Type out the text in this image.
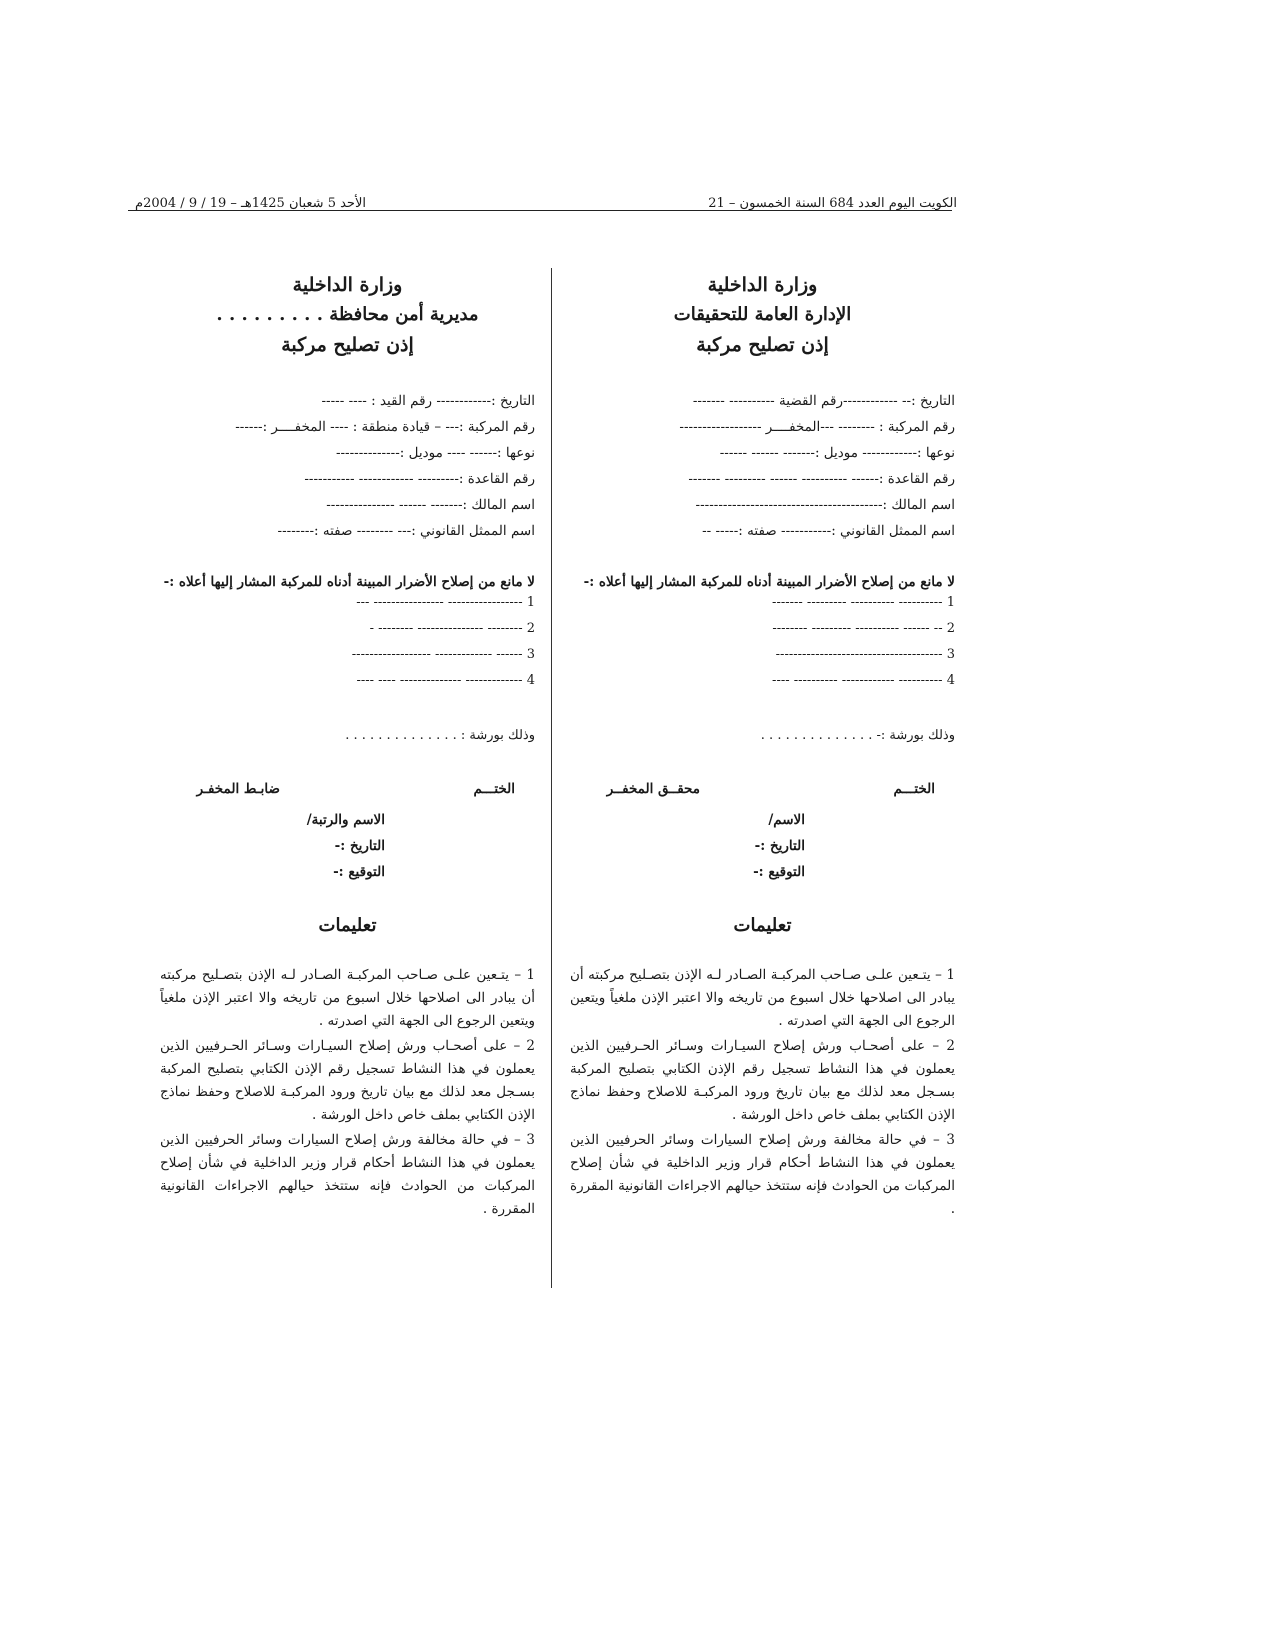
الكويت اليوم العدد 684 السنة الخمسون – 21
الأحد 5 شعبان 1425هـ – 19 / 9 / 2004م
وزارة الداخلية
الإدارة العامة للتحقيقات
إذن تصليح مركبة
التاريخ :-- ------------رقم القضية ---------- -------
رقم المركبة : -------- ---المخفــــر ------------------
نوعها :------------ موديل :------- ------ ------
رقم القاعدة :------ ---------- ------ --------- -------
اسم المالك :-----------------------------------------
اسم الممثل القانوني :----------- صفته :----- --
لا مانع من إصلاح الأضرار المبينة أدناه للمركبة المشار إليها أعلاه :-
1 ---------- ---------- --------- -------
2 -- ------ ---------- --------- --------
3 --------------------------------------
4 ---------- ------------ ---------- ----
وذلك بورشة :- . . . . . . . . . . . . . .
الختـــم
محقــق المخفــر
الاسم/
التاريخ :-
التوقيع :-
تعليمات

1 – يتـعين علـى صـاحب المركبـة الصـادر لـه الإذن بتصـليح مركبته أن يبادر الى اصلاحها خلال اسبوع من تاريخه والا اعتبر الإذن ملغياً ويتعين الرجوع الى الجهة التي اصدرته .

2 – على أصحـاب ورش إصلاح السيـارات وسـائر الحـرفيين الذين يعملون في هذا النشاط تسجيل رقم الإذن الكتابي بتصليح المركبة بسـجل معد لذلك مع بيان تاريخ ورود المركبـة للاصلاح وحفظ نماذج الإذن الكتابي بملف خاص داخل الورشة .

3 – في حالة مخالفة ورش إصلاح السيارات وسائر الحرفيين الذين يعملون في هذا النشاط أحكام قرار وزير الداخلية في شأن إصلاح المركبات من الحوادث فإنه ستتخذ حيالهم الاجراءات القانونية المقررة .

وزارة الداخلية
مديرية أمن محافظة . . . . . . . . .
إذن تصليح مركبة
التاريخ :------------ رقم القيد : ---- -----
رقم المركبة :--- – قيادة منطقة : ---- المخفــــر :------
نوعها :------ ---- موديل :--------------
رقم القاعدة :--------- ------------ -----------
اسم المالك :------- ------ ---------------
اسم الممثل القانوني :--- -------- صفته :--------
لا مانع من إصلاح الأضرار المبينة أدناه للمركبة المشار إليها أعلاه :-
1 ----------------- ---------------- ---
2 -------- --------------- -------- -
3 ------ ------------- ------------------
4 ------------- -------------- ---- ----
وذلك بورشة : . . . . . . . . . . . . . .
الختـــم
ضابـط المخفـر
الاسم والرتبة/
التاريخ :-
التوقيع :-
تعليمات

1 – يتـعين علـى صـاحب المركبـة الصـادر لـه الإذن بتصـليح مركبته أن يبادر الى اصلاحها خلال اسبوع من تاريخه والا اعتبر الإذن ملغياً ويتعين الرجوع الى الجهة التي اصدرته .

2 – على أصحـاب ورش إصلاح السيـارات وسـائر الحـرفيين الذين يعملون في هذا النشاط تسجيل رقم الإذن الكتابي بتصليح المركبة بسـجل معد لذلك مع بيان تاريخ ورود المركبـة للاصلاح وحفظ نماذج الإذن الكتابي بملف خاص داخل الورشة .

3 – في حالة مخالفة ورش إصلاح السيارات وسائر الحرفيين الذين يعملون في هذا النشاط أحكام قرار وزير الداخلية في شأن إصلاح المركبات من الحوادث فإنه ستتخذ حيالهم الاجراءات القانونية المقررة .
